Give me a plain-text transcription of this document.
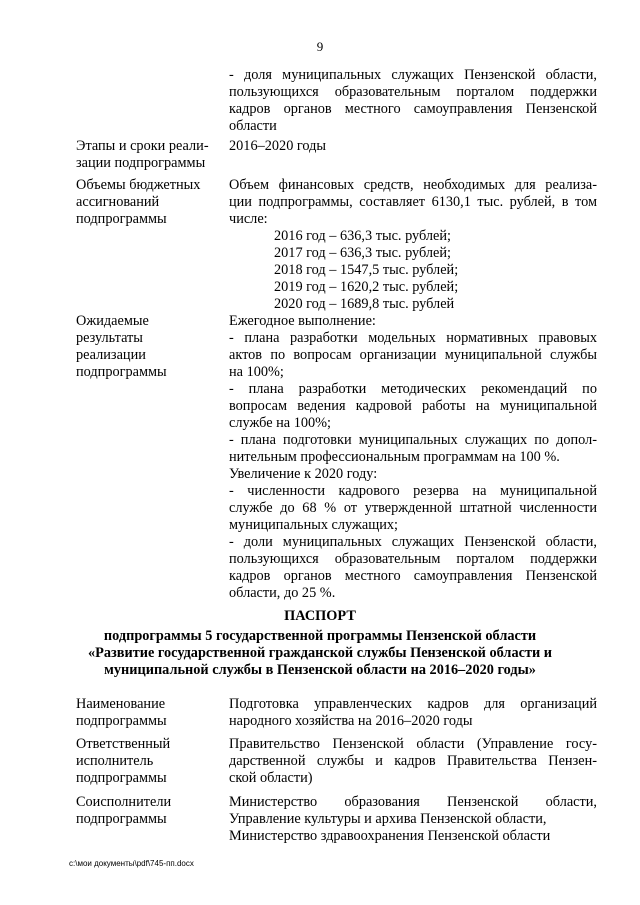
9
- доля муниципальных служащих Пензенской области,
пользующихся образовательным порталом поддержки
кадров органов местного самоуправления Пензенской
области
Этапы и сроки реали-
зации подпрограммы
2016–2020 годы
Объемы бюджетных
ассигнований
подпрограммы
Объем финансовых средств, необходимых для реализа-
ции подпрограммы, составляет 6130,1 тыс. рублей, в том
числе:
2016 год – 636,3 тыс. рублей;
2017 год – 636,3 тыс. рублей;
2018 год – 1547,5 тыс. рублей;
2019 год – 1620,2 тыс. рублей;
2020 год – 1689,8 тыс. рублей
Ожидаемые
результаты
реализации
подпрограммы
Ежегодное выполнение:
- плана разработки модельных нормативных правовых
актов по вопросам организации муниципальной службы
на 100%;
- плана разработки методических рекомендаций по
вопросам ведения кадровой работы на муниципальной
службе на 100%;
- плана подготовки муниципальных служащих по допол-
нительным профессиональным программам на 100 %.
Увеличение к 2020 году:
- численности кадрового резерва на муниципальной
службе до 68 % от утвержденной штатной численности
муниципальных служащих;
- доли муниципальных служащих Пензенской области,
пользующихся образовательным порталом поддержки
кадров органов местного самоуправления Пензенской
области, до 25 %.
ПАСПОРТ
подпрограммы 5 государственной программы Пензенской области
«Развитие государственной гражданской службы Пензенской области и
муниципальной службы в Пензенской области на 2016–2020 годы»
Наименование
подпрограммы
Подготовка управленческих кадров для организаций
народного хозяйства на 2016–2020 годы
Ответственный
исполнитель
подпрограммы
Правительство Пензенской области (Управление госу-
дарственной службы и кадров Правительства Пензен-
ской области)
Соисполнители
подпрограммы
Министерство образования Пензенской области,
Управление культуры и архива Пензенской области,
Министерство здравоохранения Пензенской области
c:\мои документы\pdf\745-пп.docx
